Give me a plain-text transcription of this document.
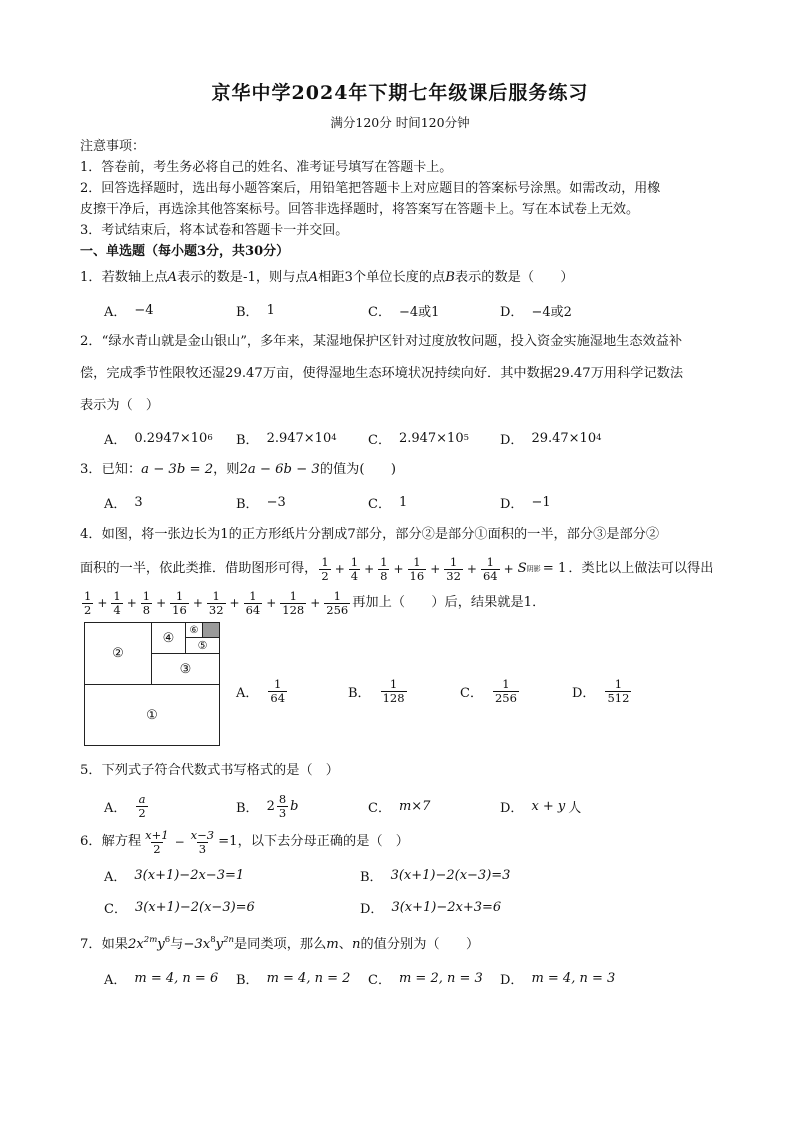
京华中学2024年下期七年级课后服务练习
满分120分 时间120分钟
注意事项：
1．答卷前，考生务必将自己的姓名、准考证号填写在答题卡上。
2．回答选择题时，选出每小题答案后，用铅笔把答题卡上对应题目的答案标号涂黑。如需改动，用橡
皮擦干净后，再选涂其他答案标号。回答非选择题时，将答案写在答题卡上。写在本试卷上无效。
3．考试结束后，将本试卷和答题卡一并交回。
一、单选题（每小题3分，共30分）
1．若数轴上点A表示的数是-1，则与点A相距3个单位长度的点B表示的数是（　　）
A． −4	B． 1	C． −4或1	D． −4或2
2．“绿水青山就是金山银山”，多年来，某湿地保护区针对过度放牧问题，投入资金实施湿地生态效益补
偿，完成季节性限牧还湿29.47万亩，使得湿地生态环境状况持续向好．其中数据29.47万用科学记数法
表示为（　）
A． 0.2947×10 6 B． 2.947×10 4 C． 2.947×10 5 D． 29.47×10 4
3．已知：a − 3b = 2，则2a − 6b − 3的值为(　　)
A． 3	B． −3	C． 1	D． −1
4．如图，将一张边长为1的正方形纸片分割成7部分，部分②是部分①面积的一半，部分③是部分②
面积的一半，依此类推．借助图形可得， $\frac{1}{2} + \frac{1}{4} + \frac{1}{8} + \frac{1}{16} + \frac{1}{32} + \frac{1}{64} + S$ 阴影 = 1 ．类比以上做法可以得出
$\frac{1}{2} + \frac{1}{4} + \frac{1}{8} + \frac{1}{16} + \frac{1}{32} + \frac{1}{64} + \frac{1}{128} + \frac{1}{256}$ 再加上（　　）后，结果就是1．
①
②
③
④ ⑤
⑥
A． $\frac{1}{64}$	B． $\frac{1}{128}$	C． $\frac{1}{256}$	D． $\frac{1}{512}$
5．下列式子符合代数式书写格式的是（　）
A． $\frac{a}{2}$	B． $2 \frac{8}{3}$ b	C． m×7	D． x + y 人
6．解方程 $\frac{x+1}{2} - \frac{x-3}{3} =1$ ，以下去分母正确的是（　）
A． 3(x+1)−2x−3=1	B． 3(x+1)−2(x−3)=3
C． 3(x+1)−2(x−3)=6	D． 3(x+1)−2x+3=6
7．如果$2x^{2m}y^6$与$-3x^8y^{2n}$是同类项，那么m、n的值分别为（　　）
A． m = 4, n = 6 B． m = 4, n = 2 C． m = 2, n = 3 D． m = 4, n = 3
